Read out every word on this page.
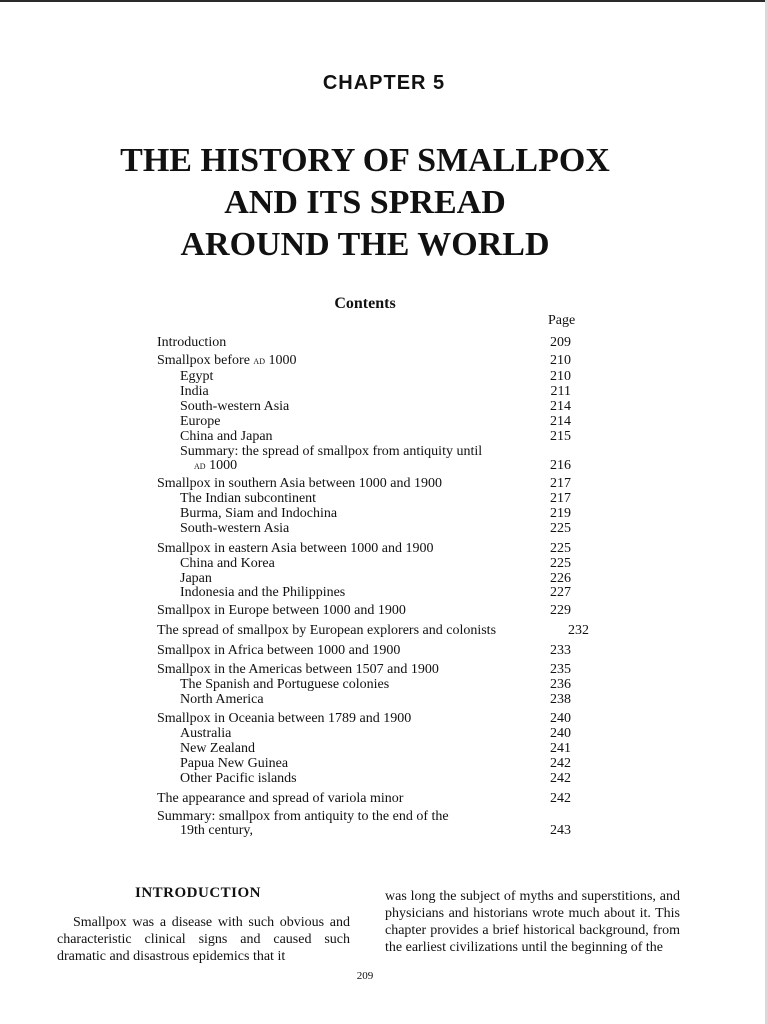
CHAPTER 5
THE HISTORY OF SMALLPOX
AND ITS SPREAD
AROUND THE WORLD
Contents
Page
Introduction	209
Smallpox before ad 1000	210
Egypt	210
India	211
South-western Asia	214
Europe	214
China and Japan	215
Summary: the spread of smallpox from antiquity until
ad 1000	216
Smallpox in southern Asia between 1000 and 1900	217
The Indian subcontinent	217
Burma, Siam and Indochina	219
South-western Asia	225
Smallpox in eastern Asia between 1000 and 1900	225
China and Korea	225
Japan	226
Indonesia and the Philippines	227
Smallpox in Europe between 1000 and 1900	229
The spread of smallpox by European explorers and colonists	232
Smallpox in Africa between 1000 and 1900	233
Smallpox in the Americas between 1507 and 1900	235
The Spanish and Portuguese colonies	236
North America	238
Smallpox in Oceania between 1789 and 1900	240
Australia	240
New Zealand	241
Papua New Guinea	242
Other Pacific islands	242
The appearance and spread of variola minor	242
Summary: smallpox from antiquity to the end of the
19th century,	243
INTRODUCTION

Smallpox was a disease with such obvious and characteristic clinical signs and caused such dramatic and disastrous epidemics that it

was long the subject of myths and superstitions, and physicians and historians wrote much about it. This chapter provides a brief historical background, from the earliest civilizations until the beginning of the

209
